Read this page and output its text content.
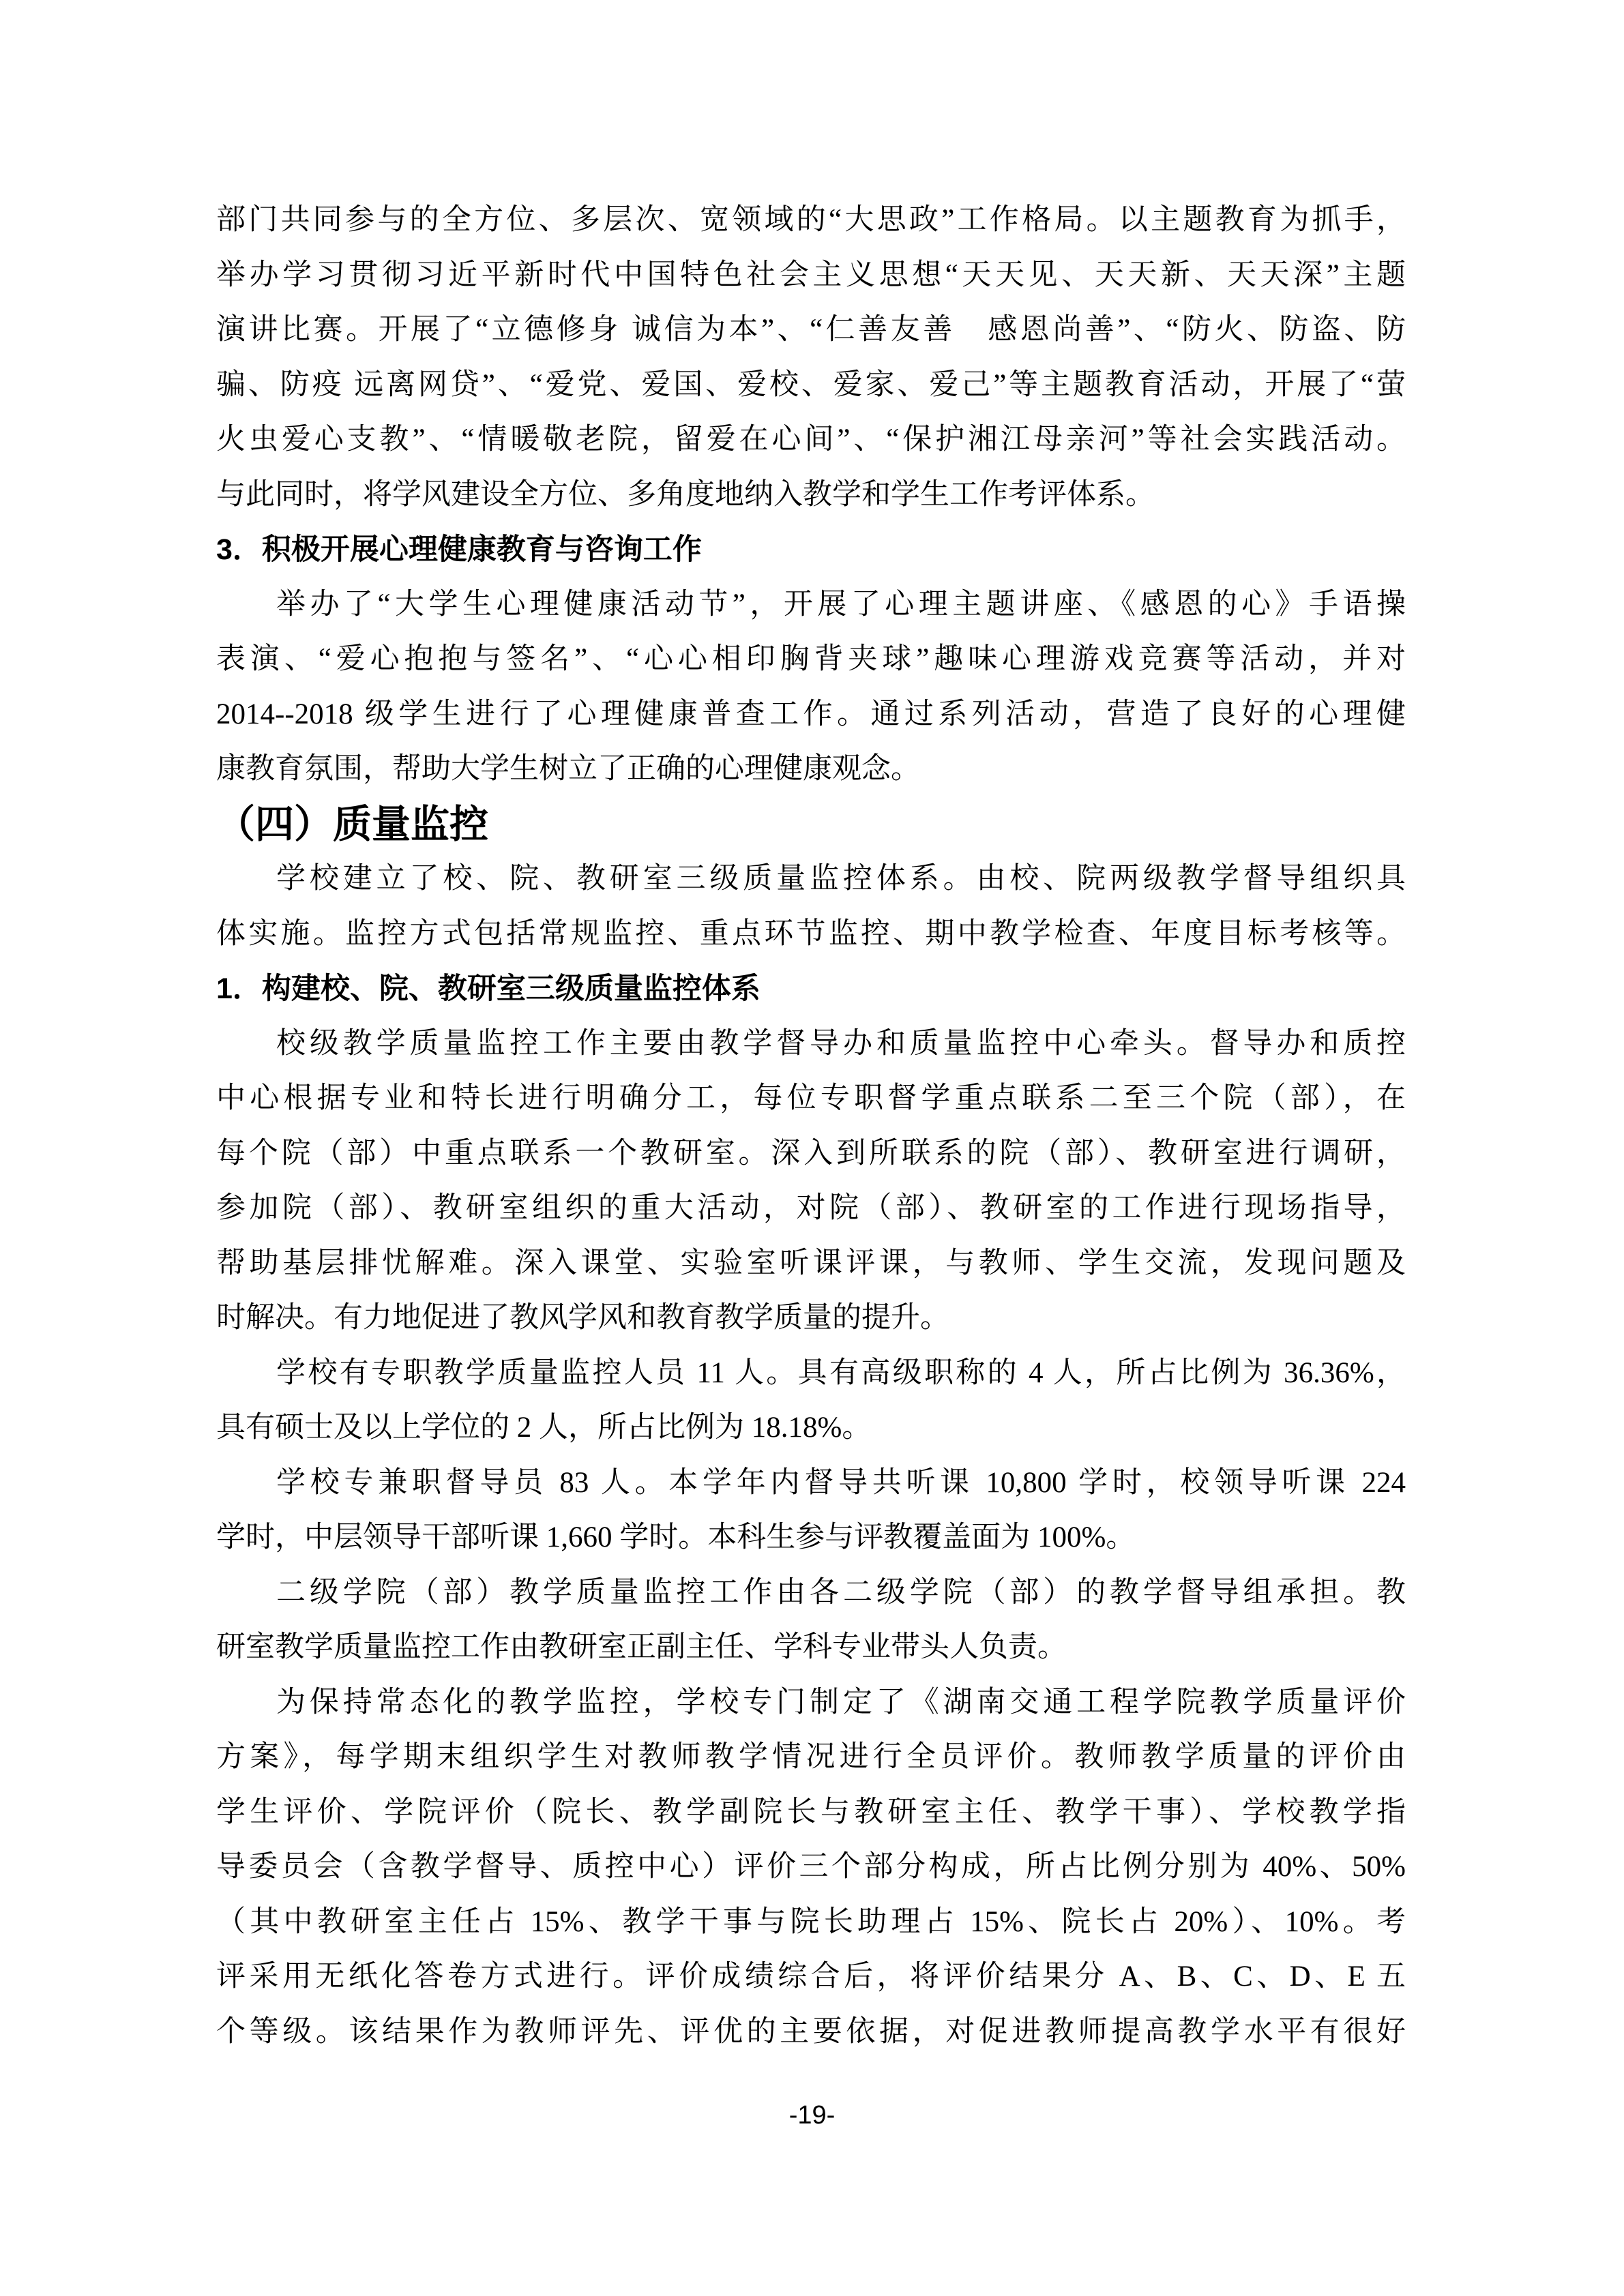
部门共同参与的全方位、多层次、宽领域的“大思政”工作格局。以主题教育为抓手，
举办学习贯彻习近平新时代中国特色社会主义思想“天天见、天天新、天天深”主题
演讲比赛。开展了“立德修身 诚信为本”、“仁善友善　感恩尚善”、“防火、防盗、防
骗、防疫 远离网贷”、“爱党、爱国、爱校、爱家、爱己”等主题教育活动，开展了“萤
火虫爱心支教”、“情暖敬老院，留爱在心间”、“保护湘江母亲河”等社会实践活动。
与此同时，将学风建设全方位、多角度地纳入教学和学生工作考评体系。
3．积极开展心理健康教育与咨询工作
举办了“大学生心理健康活动节”，开展了心理主题讲座、《感恩的心》手语操
表演、“爱心抱抱与签名”、“心心相印胸背夹球”趣味心理游戏竞赛等活动，并对
2014--2018 级学生进行了心理健康普查工作。通过系列活动，营造了良好的心理健
康教育氛围，帮助大学生树立了正确的心理健康观念。
（四）质量监控
学校建立了校、院、教研室三级质量监控体系。由校、院两级教学督导组织具
体实施。监控方式包括常规监控、重点环节监控、期中教学检查、年度目标考核等。
1．构建校、院、教研室三级质量监控体系
校级教学质量监控工作主要由教学督导办和质量监控中心牵头。督导办和质控
中心根据专业和特长进行明确分工，每位专职督学重点联系二至三个院（部），在
每个院（部）中重点联系一个教研室。深入到所联系的院（部）、教研室进行调研，
参加院（部）、教研室组织的重大活动，对院（部）、教研室的工作进行现场指导，
帮助基层排忧解难。深入课堂、实验室听课评课，与教师、学生交流，发现问题及
时解决。有力地促进了教风学风和教育教学质量的提升。
学校有专职教学质量监控人员 11 人。具有高级职称的 4 人，所占比例为 36.36%，
具有硕士及以上学位的 2 人，所占比例为 18.18%。
学校专兼职督导员 83 人。本学年内督导共听课 10,800 学时，校领导听课 224
学时，中层领导干部听课 1,660 学时。本科生参与评教覆盖面为 100%。
二级学院（部）教学质量监控工作由各二级学院（部）的教学督导组承担。教
研室教学质量监控工作由教研室正副主任、学科专业带头人负责。
为保持常态化的教学监控，学校专门制定了《湖南交通工程学院教学质量评价
方案》，每学期末组织学生对教师教学情况进行全员评价。教师教学质量的评价由
学生评价、学院评价（院长、教学副院长与教研室主任、教学干事）、学校教学指
导委员会（含教学督导、质控中心）评价三个部分构成，所占比例分别为 40%、50%
（其中教研室主任占 15%、教学干事与院长助理占 15%、院长占 20%）、10%。考
评采用无纸化答卷方式进行。评价成绩综合后，将评价结果分 A、B、C、D、E 五
个等级。该结果作为教师评先、评优的主要依据，对促进教师提高教学水平有很好
-19-
